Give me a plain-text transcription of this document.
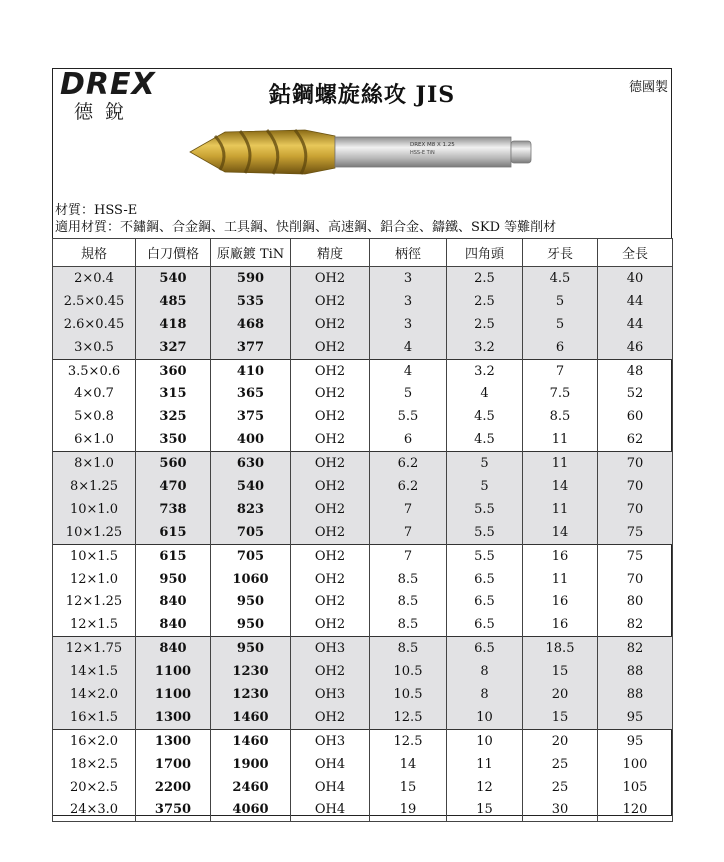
DREX
德銳
鈷鋼螺旋絲攻 JIS	德國製
DREX M8 X 1.25
HSS-E TiN
材質：HSS-E
適用材質：不鏽鋼、合金鋼、工具鋼、快削鋼、高速鋼、鋁合金、鑄鐵、SKD 等難削材
規格	白刀價格	原廠鍍 TiN	精度	柄徑	四角頭	牙長	全長
2×0.4	540	590	OH2	3	2.5	4.5	40
2.5×0.45	485	535	OH2	3	2.5	5	44
2.6×0.45	418	468	OH2	3	2.5	5	44
3×0.5	327	377	OH2	4	3.2	6	46
3.5×0.6	360	410	OH2	4	3.2	7	48
4×0.7	315	365	OH2	5	4	7.5	52
5×0.8	325	375	OH2	5.5	4.5	8.5	60
6×1.0	350	400	OH2	6	4.5	11	62
8×1.0	560	630	OH2	6.2	5	11	70
8×1.25	470	540	OH2	6.2	5	14	70
10×1.0	738	823	OH2	7	5.5	11	70
10×1.25	615	705	OH2	7	5.5	14	75
10×1.5	615	705	OH2	7	5.5	16	75
12×1.0	950	1060	OH2	8.5	6.5	11	70
12×1.25	840	950	OH2	8.5	6.5	16	80
12×1.5	840	950	OH2	8.5	6.5	16	82
12×1.75	840	950	OH3	8.5	6.5	18.5	82
14×1.5	1100	1230	OH2	10.5	8	15	88
14×2.0	1100	1230	OH3	10.5	8	20	88
16×1.5	1300	1460	OH2	12.5	10	15	95
16×2.0	1300	1460	OH3	12.5	10	20	95
18×2.5	1700	1900	OH4	14	11	25	100
20×2.5	2200	2460	OH4	15	12	25	105
24×3.0	3750	4060	OH4	19	15	30	120
